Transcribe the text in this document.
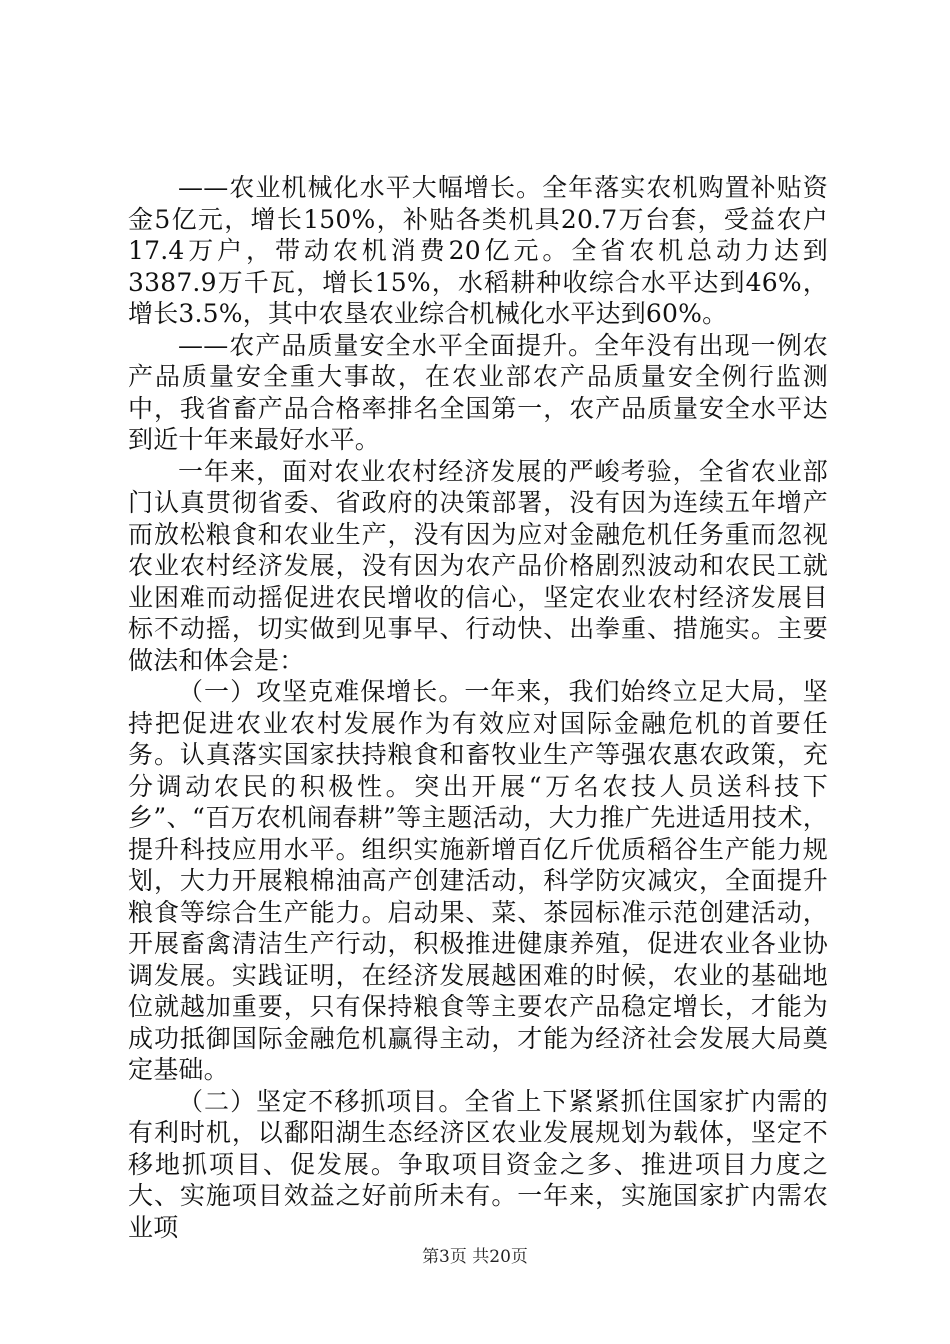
——农业机械化水平大幅增长。全年落实农机购置补贴资金5亿元，增长150%，补贴各类机具20.7万台套，受益农户17.4万户，带动农机消费20亿元。全省农机总动力达到3387.9万千瓦，增长15%，水稻耕种收综合水平达到46%，增长3.5%，其中农垦农业综合机械化水平达到60%。

——农产品质量安全水平全面提升。全年没有出现一例农产品质量安全重大事故，在农业部农产品质量安全例行监测中，我省畜产品合格率排名全国第一，农产品质量安全水平达到近十年来最好水平。

一年来，面对农业农村经济发展的严峻考验，全省农业部门认真贯彻省委、省政府的决策部署，没有因为连续五年增产而放松粮食和农业生产，没有因为应对金融危机任务重而忽视农业农村经济发展，没有因为农产品价格剧烈波动和农民工就业困难而动摇促进农民增收的信心，坚定农业农村经济发展目标不动摇，切实做到见事早、行动快、出拳重、措施实。主要做法和体会是：

（一）攻坚克难保增长。一年来，我们始终立足大局，坚持把促进农业农村发展作为有效应对国际金融危机的首要任务。认真落实国家扶持粮食和畜牧业生产等强农惠农政策，充分调动农民的积极性。突出开展“万名农技人员送科技下乡”、“百万农机闹春耕”等主题活动，大力推广先进适用技术，提升科技应用水平。组织实施新增百亿斤优质稻谷生产能力规划，大力开展粮棉油高产创建活动，科学防灾减灾，全面提升粮食等综合生产能力。启动果、菜、茶园标准示范创建活动，开展畜禽清洁生产行动，积极推进健康养殖，促进农业各业协调发展。实践证明，在经济发展越困难的时候，农业的基础地位就越加重要，只有保持粮食等主要农产品稳定增长，才能为成功抵御国际金融危机赢得主动，才能为经济社会发展大局奠定基础。

（二）坚定不移抓项目。全省上下紧紧抓住国家扩内需的有利时机，以鄱阳湖生态经济区农业发展规划为载体，坚定不移地抓项目、促发展。争取项目资金之多、推进项目力度之大、实施项目效益之好前所未有。一年来，实施国家扩内需农业项

第3页 共20页
